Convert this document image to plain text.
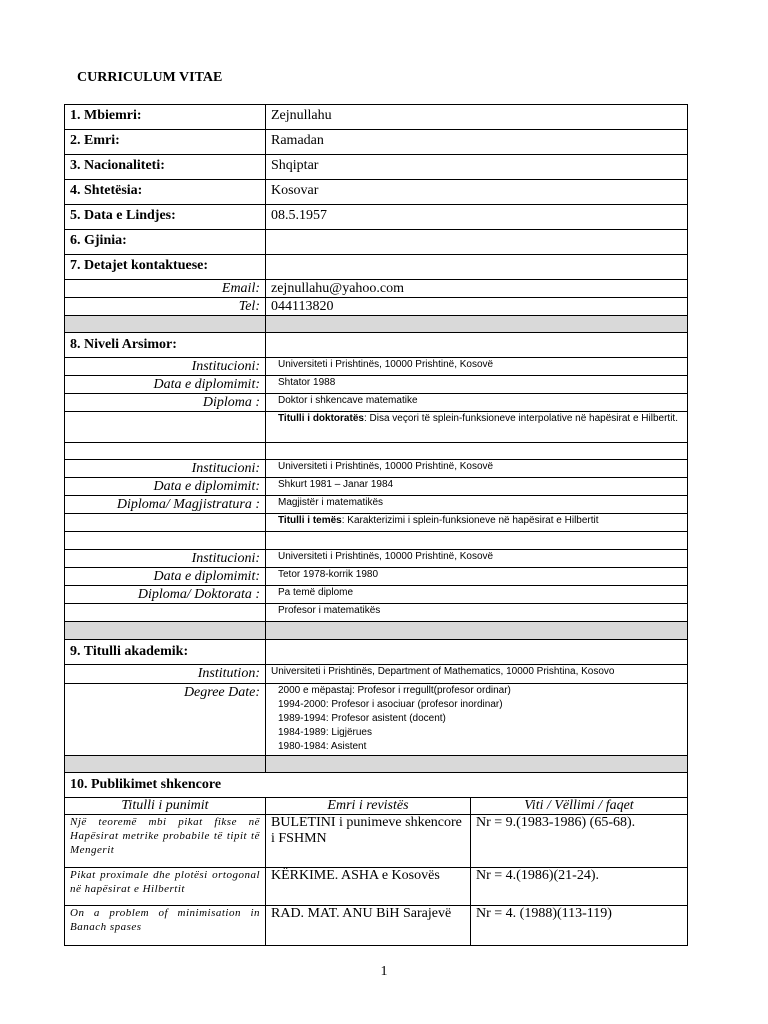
CURRICULUM VITAE
1. Mbiemri:	Zejnullahu	
2. Emri:	Ramadan	
3. Nacionaliteti:	Shqiptar	
4. Shtetësia:	Kosovar	
5. Data e Lindjes:	08.5.1957	
6. Gjinia:		
7. Detajet kontaktuese:		
Email:	zejnullahu@yahoo.com	
Tel:	044113820	

8. Niveli Arsimor:		
Institucioni:	Universiteti i Prishtinës, 10000 Prishtinë, Kosovë	
Data e diplomimit:	Shtator 1988	
Diploma :	Doktor i shkencave matematike	
	Titulli i doktoratës: Disa veçori të splein-funksioneve interpolative në hapësirat e Hilbertit.	

Institucioni:	Universiteti i Prishtinës, 10000 Prishtinë, Kosovë	
Data e diplomimit:	Shkurt 1981 – Janar 1984	
Diploma/ Magjistratura :	Magjistër i matematikës	
	Titulli i temës: Karakterizimi i splein-funksioneve në hapësirat e Hilbertit	

Institucioni:	Universiteti i Prishtinës, 10000 Prishtinë, Kosovë	
Data e diplomimit:	Tetor 1978-korrik 1980	
Diploma/ Doktorata :	Pa temë diplome	
	Profesor i matematikës	

9. Titulli akademik:		
Institution:	Universiteti i Prishtinës, Department of Mathematics, 10000 Prishtina, Kosovo	
Degree Date:	2000 e mëpastaj: Profesor i rregullt(profesor ordinar)
1994-2000: Profesor i asociuar (profesor inordinar)
1989-1994: Profesor asistent (docent)
1984-1989: Ligjërues
1980-1984: Asistent	

10. Publikimet shkencore		
Titulli i punimit	Emri i revistës	Viti / Vëllimi / faqet
Një teoremë mbi pikat fikse në Hapësirat metrike probabile të tipit të Mengerit	BULETINI i punimeve shkencore i FSHMN	Nr = 9.(1983-1986) (65-68).
Pikat proximale dhe plotësi ortogonal në hapësirat e Hilbertit	KËRKIME. ASHA e Kosovës	Nr = 4.(1986)(21-24).
On a problem of minimisation in Banach spases	RAD. MAT. ANU BiH Sarajevë	Nr = 4. (1988)(113-119)
1
